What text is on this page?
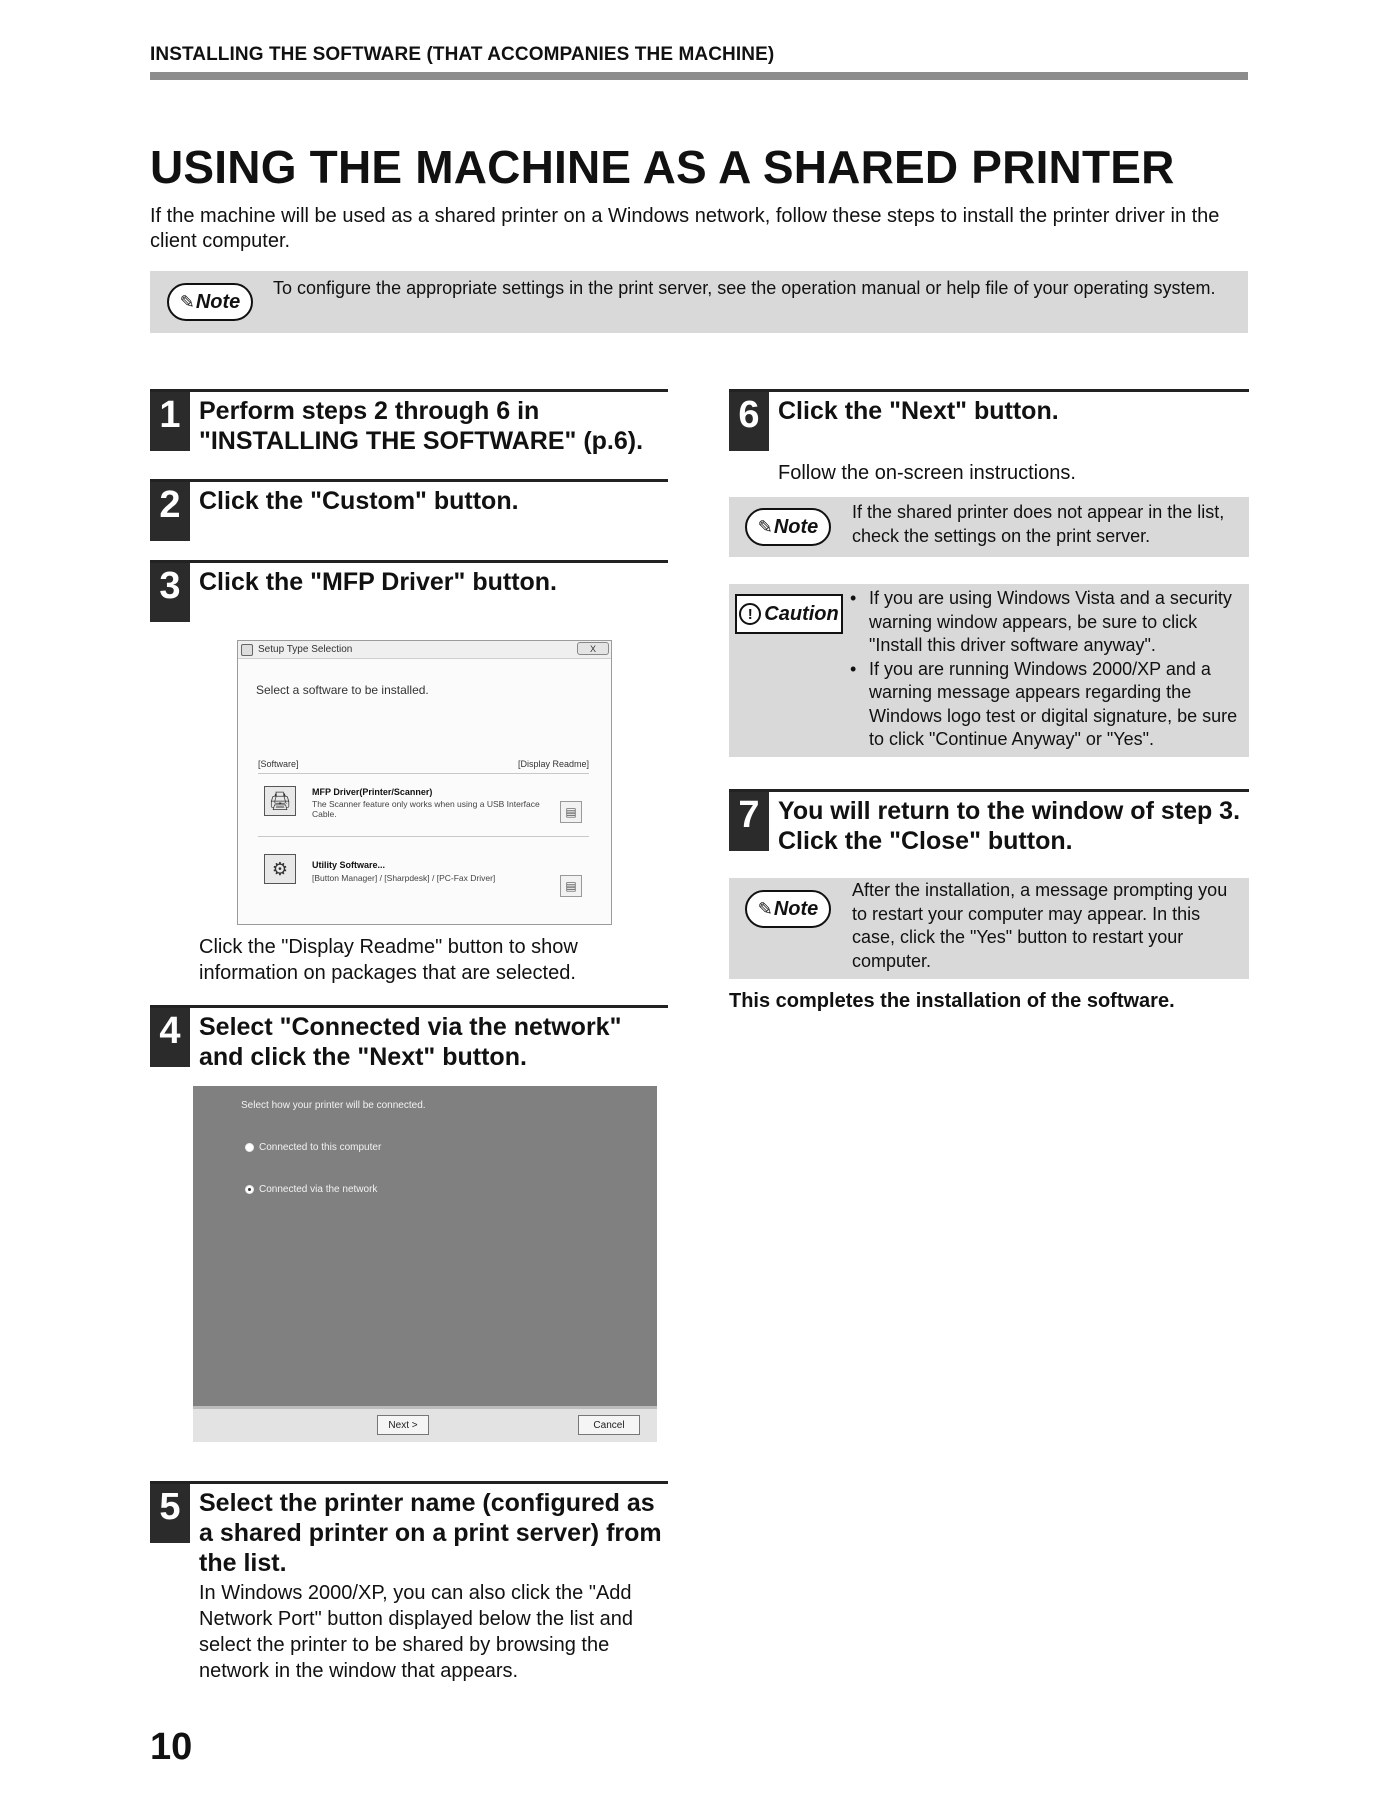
INSTALLING THE SOFTWARE (THAT ACCOMPANIES THE MACHINE)
USING THE MACHINE AS A SHARED PRINTER

If the machine will be used as a shared printer on a Windows network, follow these steps to install the printer driver in the client computer.

✎ Note
To configure the appropriate settings in the print server, see the operation manual or help file of your operating system.
1 Perform steps 2 through 6 in "INSTALLING THE SOFTWARE" (p.6).
2 Click the "Custom" button.
3 Click the "MFP Driver" button.
Setup Type Selection	X
Select a software to be installed.
[Software]	[Display Readme]
🖨	MFP Driver(Printer/Scanner)
The Scanner feature only works when using a USB Interface Cable.	▤
⚙	Utility Software...
[Button Manager] / [Sharpdesk] / [PC-Fax Driver]
▤
Click the "Display Readme" button to show information on packages that are selected.
4 Select "Connected via the network" and click the "Next" button.
Select how your printer will be connected.
Connected to this computer
Connected via the network
Next >	Cancel
5 Select the printer name (configured as a shared printer on a print server) from the list.
In Windows 2000/XP, you can also click the "Add Network Port" button displayed below the list and select the printer to be shared by browsing the network in the window that appears.
6 Click the "Next" button.
Follow the on-screen instructions.
✎ Note
If the shared printer does not appear in the list, check the settings on the print server.
! Caution
• If you are using Windows Vista and a security warning window appears, be sure to click "Install this driver software anyway".
• If you are running Windows 2000/XP and a warning message appears regarding the Windows logo test or digital signature, be sure to click "Continue Anyway" or "Yes".
7 You will return to the window of step 3. Click the "Close" button.
✎ Note
After the installation, a message prompting you to restart your computer may appear. In this case, click the "Yes" button to restart your computer.
This completes the installation of the software.
10
